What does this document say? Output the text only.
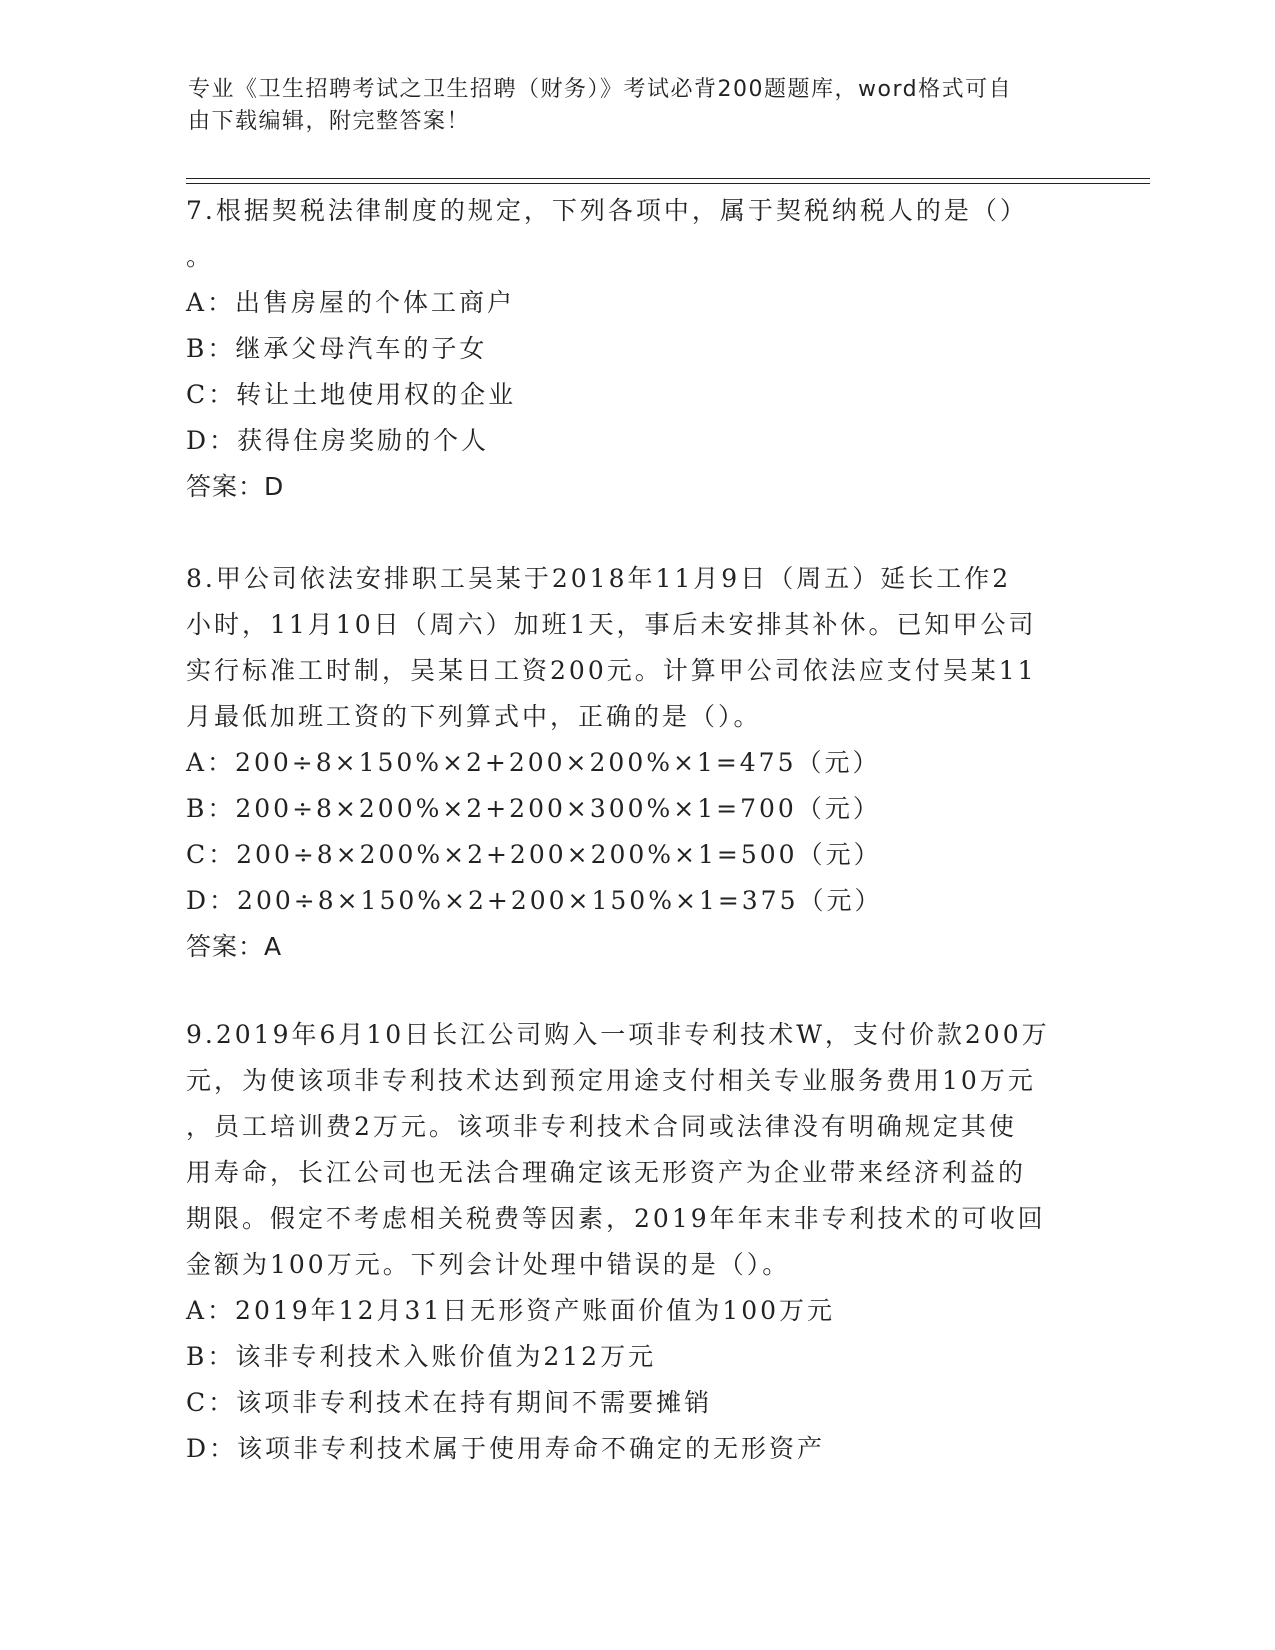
专业《卫生招聘考试之卫生招聘（财务）》考试必背200题题库，word格式可自
由下载编辑，附完整答案！
7.根据契税法律制度的规定，下列各项中，属于契税纳税人的是（）
。
A：出售房屋的个体工商户
B：继承父母汽车的子女
C：转让土地使用权的企业
D：获得住房奖励的个人
答案：D
8.甲公司依法安排职工吴某于2018年11月9日（周五）延长工作2
小时，11月10日（周六）加班1天，事后未安排其补休。已知甲公司
实行标准工时制，吴某日工资200元。计算甲公司依法应支付吴某11
月最低加班工资的下列算式中，正确的是（）。
A：200÷8×150%×2+200×200%×1=475（元）
B：200÷8×200%×2+200×300%×1=700（元）
C：200÷8×200%×2+200×200%×1=500（元）
D：200÷8×150%×2+200×150%×1=375（元）
答案：A
9.2019年6月10日长江公司购入一项非专利技术W，支付价款200万
元，为使该项非专利技术达到预定用途支付相关专业服务费用10万元
，员工培训费2万元。该项非专利技术合同或法律没有明确规定其使
用寿命，长江公司也无法合理确定该无形资产为企业带来经济利益的
期限。假定不考虑相关税费等因素，2019年年末非专利技术的可收回
金额为100万元。下列会计处理中错误的是（）。
A：2019年12月31日无形资产账面价值为100万元
B：该非专利技术入账价值为212万元
C：该项非专利技术在持有期间不需要摊销
D：该项非专利技术属于使用寿命不确定的无形资产
